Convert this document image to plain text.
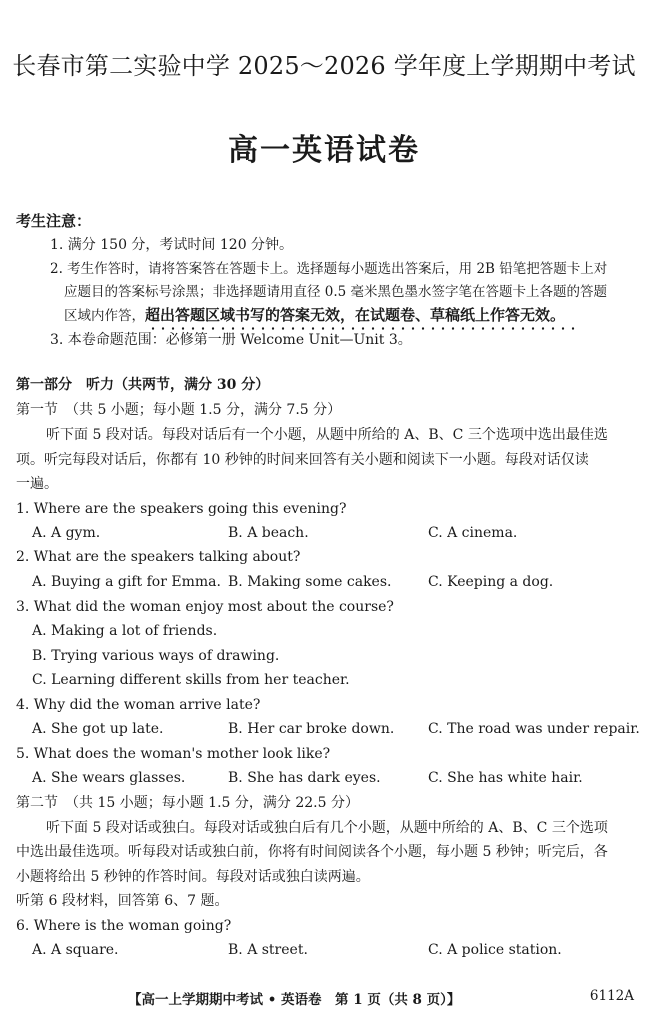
长春市第二实验中学 2025～2026 学年度上学期期中考试
高一英语试卷
考生注意：
1. 满分 150 分，考试时间 120 分钟。
2. 考生作答时，请将答案答在答题卡上。选择题每小题选出答案后，用 2B 铅笔把答题卡上对
应题目的答案标号涂黑；非选择题请用直径 0.5 毫米黑色墨水签字笔在答题卡上各题的答题
区域内作答，超出答题区域书写的答案无效，在试题卷、草稿纸上作答无效。
3. 本卷命题范围：必修第一册 Welcome Unit—Unit 3。
第一部分　听力（共两节，满分 30 分）
第一节　（共 5 小题；每小题 1.5 分，满分 7.5 分）
听下面 5 段对话。每段对话后有一个小题，从题中所给的 A、B、C 三个选项中选出最佳选
项。听完每段对话后，你都有 10 秒钟的时间来回答有关小题和阅读下一小题。每段对话仅读
一遍。
1. Where are the speakers going this evening?
A. A gym.	B. A beach.	C. A cinema.
2. What are the speakers talking about?
A. Buying a gift for Emma. B. Making some cakes.	C. Keeping a dog.
3. What did the woman enjoy most about the course?
A. Making a lot of friends.
B. Trying various ways of drawing.
C. Learning different skills from her teacher.
4. Why did the woman arrive late?
A. She got up late.	B. Her car broke down. C. The road was under repair.
5. What does the woman's mother look like?
A. She wears glasses.	B. She has dark eyes.	C. She has white hair.
第二节　（共 15 小题；每小题 1.5 分，满分 22.5 分）
听下面 5 段对话或独白。每段对话或独白后有几个小题，从题中所给的 A、B、C 三个选项
中选出最佳选项。听每段对话或独白前，你将有时间阅读各个小题，每小题 5 秒钟；听完后，各
小题将给出 5 秒钟的作答时间。每段对话或独白读两遍。
听第 6 段材料，回答第 6、7 题。
6. Where is the woman going?
A. A square.	B. A street.	C. A police station.
【高一上学期期中考试 • 英语卷　第 1 页（共 8 页）】	6112A
